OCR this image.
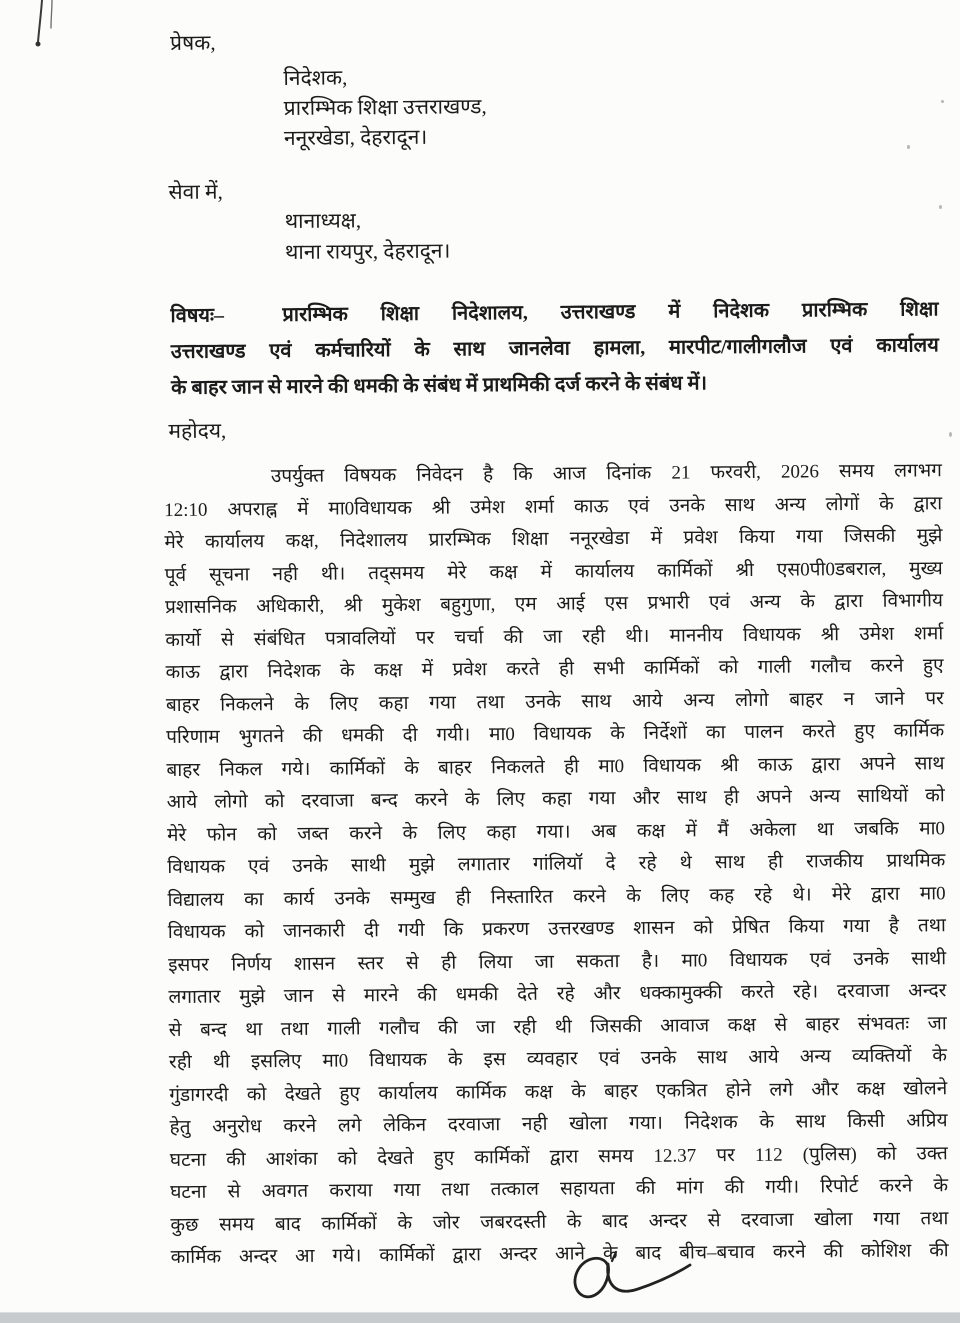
प्रेषक,
निदेशक,
प्रारम्भिक शिक्षा उत्तराखण्ड,
ननूरखेडा, देहरादून।
सेवा में,
थानाध्यक्ष,
थाना रायपुर, देहरादून।
विषयः–	प्रारम्भिक शिक्षा निदेशालय, उत्तराखण्ड में निदेशक प्रारम्भिक शिक्षा
उत्तराखण्ड एवं कर्मचारियों के साथ जानलेवा हामला, मारपीट/गालीगलौज एवं कार्यालय
के बाहर जान से मारने की धमकी के संबंध में प्राथमिकी दर्ज करने के संबंध में।
महोदय,
उपर्युक्त विषयक निवेदन है कि आज दिनांक 21 फरवरी, 2026 समय लगभग
12:10 अपराह्न में मा0विधायक श्री उमेश शर्मा काऊ एवं उनके साथ अन्य लोगों के द्वारा
मेरे कार्यालय कक्ष, निदेशालय प्रारम्भिक शिक्षा ननूरखेडा में प्रवेश किया गया जिसकी मुझे
पूर्व सूचना नही थी। तद्समय मेरे कक्ष में कार्यालय कार्मिकों श्री एस0पी0डबराल, मुख्य
प्रशासनिक अधिकारी, श्री मुकेश बहुगुणा, एम आई एस प्रभारी एवं अन्य के द्वारा विभागीय
कार्यो से संबंधित पत्रावलियों पर चर्चा की जा रही थी। माननीय विधायक श्री उमेश शर्मा
काऊ द्वारा निदेशक के कक्ष में प्रवेश करते ही सभी कार्मिकों को गाली गलौच करने हुए
बाहर निकलने के लिए कहा गया तथा उनके साथ आये अन्य लोगो बाहर न जाने पर
परिणाम भुगतने की धमकी दी गयी। मा0 विधायक के निर्देशों का पालन करते हुए कार्मिक
बाहर निकल गये। कार्मिकों के बाहर निकलते ही मा0 विधायक श्री काऊ द्वारा अपने साथ
आये लोगो को दरवाजा बन्द करने के लिए कहा गया और साथ ही अपने अन्य साथियों को
मेरे फोन को जब्त करने के लिए कहा गया। अब कक्ष में मैं अकेला था जबकि मा0
विधायक एवं उनके साथी मुझे लगातार गांलियॉ दे रहे थे साथ ही राजकीय प्राथमिक
विद्यालय का कार्य उनके सम्मुख ही निस्तारित करने के लिए कह रहे थे। मेरे द्वारा मा0
विधायक को जानकारी दी गयी कि प्रकरण उत्तरखण्ड शासन को प्रेषित किया गया है तथा
इसपर निर्णय शासन स्तर से ही लिया जा सकता है। मा0 विधायक एवं उनके साथी
लगातार मुझे जान से मारने की धमकी देते रहे और धक्कामुक्की करते रहे। दरवाजा अन्दर
से बन्द था तथा गाली गलौच की जा रही थी जिसकी आवाज कक्ष से बाहर संभवतः जा
रही थी इसलिए मा0 विधायक के इस व्यवहार एवं उनके साथ आये अन्य व्यक्तियों के
गुंडागरदी को देखते हुए कार्यालय कार्मिक कक्ष के बाहर एकत्रित होने लगे और कक्ष खोलने
हेतु अनुरोध करने लगे लेकिन दरवाजा नही खोला गया। निदेशक के साथ किसी अप्रिय
घटना की आशंका को देखते हुए कार्मिकों द्वारा समय 12.37 पर 112 (पुलिस) को उक्त
घटना से अवगत कराया गया तथा तत्काल सहायता की मांग की गयी। रिपोर्ट करने के
कुछ समय बाद कार्मिकों के जोर जबरदस्ती के बाद अन्दर से दरवाजा खोला गया तथा
कार्मिक अन्दर आ गये। कार्मिकों द्वारा अन्दर आने के बाद बीच–बचाव करने की कोशिश की
